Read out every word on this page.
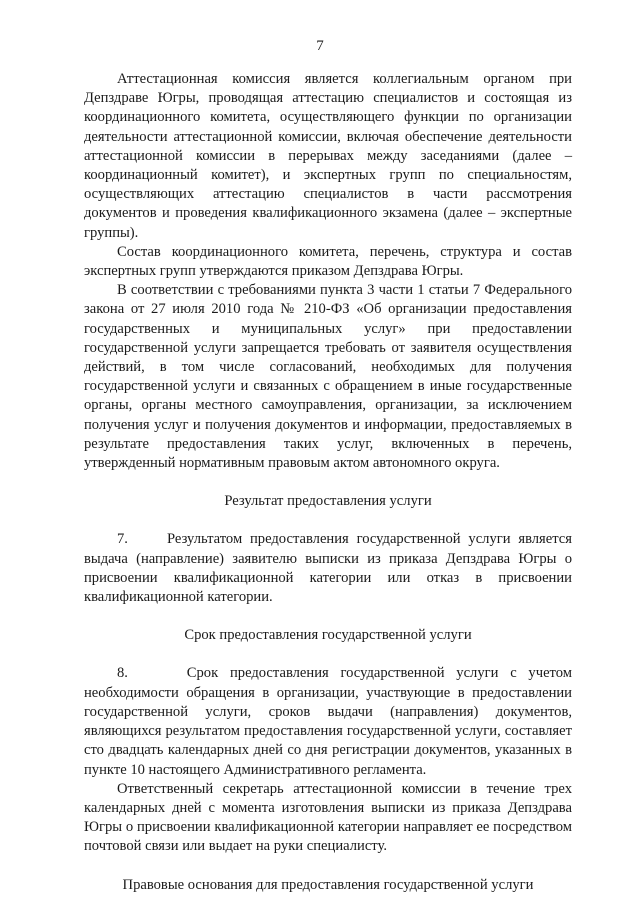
7

Аттестационная комиссия является коллегиальным органом при Депздраве Югры, проводящая аттестацию специалистов и состоящая из координационного комитета, осуществляющего функции по организации деятельности аттестационной комиссии, включая обеспечение деятельности аттестационной комиссии в перерывах между заседаниями (далее – координационный комитет), и экспертных групп по специальностям, осуществляющих аттестацию специалистов в части рассмотрения документов и проведения квалификационного экзамена (далее – экспертные группы).

Состав координационного комитета, перечень, структура и состав экспертных групп утверждаются приказом Депздрава Югры.

В соответствии с требованиями пункта 3 части 1 статьи 7 Федерального закона от 27 июля 2010 года № 210-ФЗ «Об организации предоставления государственных и муниципальных услуг» при предоставлении государственной услуги запрещается требовать от заявителя осуществления действий, в том числе согласований, необходимых для получения государственной услуги и связанных с обращением в иные государственные органы, органы местного самоуправления, организации, за исключением получения услуг и получения документов и информации, предоставляемых в результате предоставления таких услуг, включенных в перечень, утвержденный нормативным правовым актом автономного округа.

Результат предоставления услуги

7.     Результатом предоставления государственной услуги является выдача (направление) заявителю выписки из приказа Депздрава Югры о присвоении квалификационной категории или отказ в присвоении квалификационной категории.

Срок предоставления государственной услуги

8.     Срок предоставления государственной услуги с учетом необходимости обращения в организации, участвующие в предоставлении государственной услуги, сроков выдачи (направления) документов, являющихся результатом предоставления государственной услуги, составляет сто двадцать календарных дней со дня регистрации документов, указанных в пункте 10 настоящего Административного регламента.

Ответственный секретарь аттестационной комиссии в течение трех календарных дней с момента изготовления выписки из приказа Депздрава Югры о присвоении квалификационной категории направляет ее посредством почтовой связи или выдает на руки специалисту.

Правовые основания для предоставления государственной услуги
